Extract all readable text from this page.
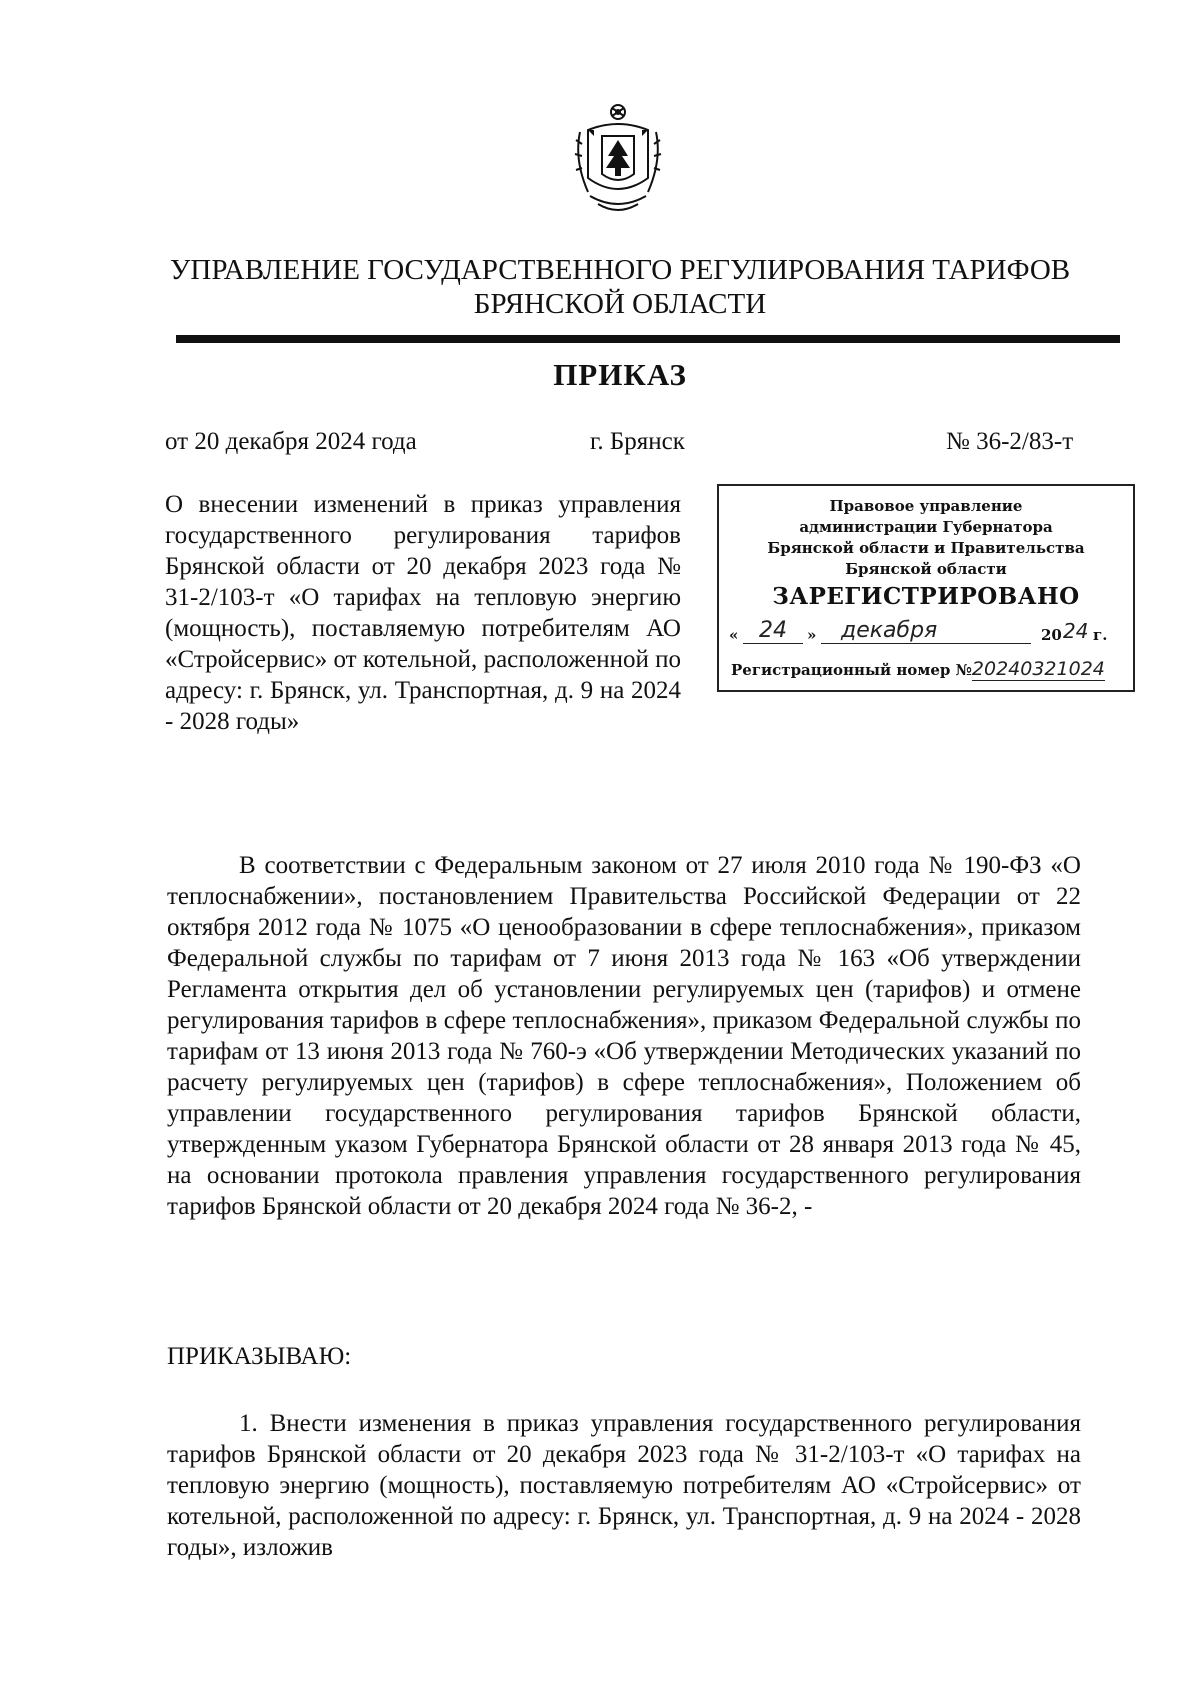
УПРАВЛЕНИЕ ГОСУДАРСТВЕННОГО РЕГУЛИРОВАНИЯ ТАРИФОВ
БРЯНСКОЙ ОБЛАСТИ
ПРИКАЗ
от 20 декабря 2024 года	г. Брянск	№ 36-2/83-т
О внесении изменений в приказ управления государственного регулирования тарифов Брянской области от 20 декабря 2023 года № 31-2/103-т «О тарифах на тепловую энергию (мощность), поставляемую потребителям АО «Стройсервис» от котельной, расположенной по адресу: г. Брянск, ул. Транспортная, д. 9 на 2024 - 2028 годы»
Правовое управление
администрации Губернатора
Брянской области и Правительства
Брянской области
ЗАРЕГИСТРИРОВАНО
« 24	»	декабря	20 24 г.
Регистрационный номер №20240321024
В соответствии с Федеральным законом от 27 июля 2010 года № 190-ФЗ «О теплоснабжении», постановлением Правительства Российской Федерации от 22 октября 2012 года № 1075 «О ценообразовании в сфере теплоснабжения», приказом Федеральной службы по тарифам от 7 июня 2013 года № 163 «Об утверждении Регламента открытия дел об установлении регулируемых цен (тарифов) и отмене регулирования тарифов в сфере теплоснабжения», приказом Федеральной службы по тарифам от 13 июня 2013 года № 760-э «Об утверждении Методических указаний по расчету регулируемых цен (тарифов) в сфере теплоснабжения», Положением об управлении государственного регулирования тарифов Брянской области, утвержденным указом Губернатора Брянской области от 28 января 2013 года № 45, на основании протокола правления управления государственного регулирования тарифов Брянской области от 20 декабря 2024 года № 36-2, -
ПРИКАЗЫВАЮ:
1. Внести изменения в приказ управления государственного регулирования тарифов Брянской области от 20 декабря 2023 года № 31-2/103-т «О тарифах на тепловую энергию (мощность), поставляемую потребителям АО «Стройсервис» от котельной, расположенной по адресу: г. Брянск, ул. Транспортная, д. 9 на 2024 - 2028 годы», изложив
